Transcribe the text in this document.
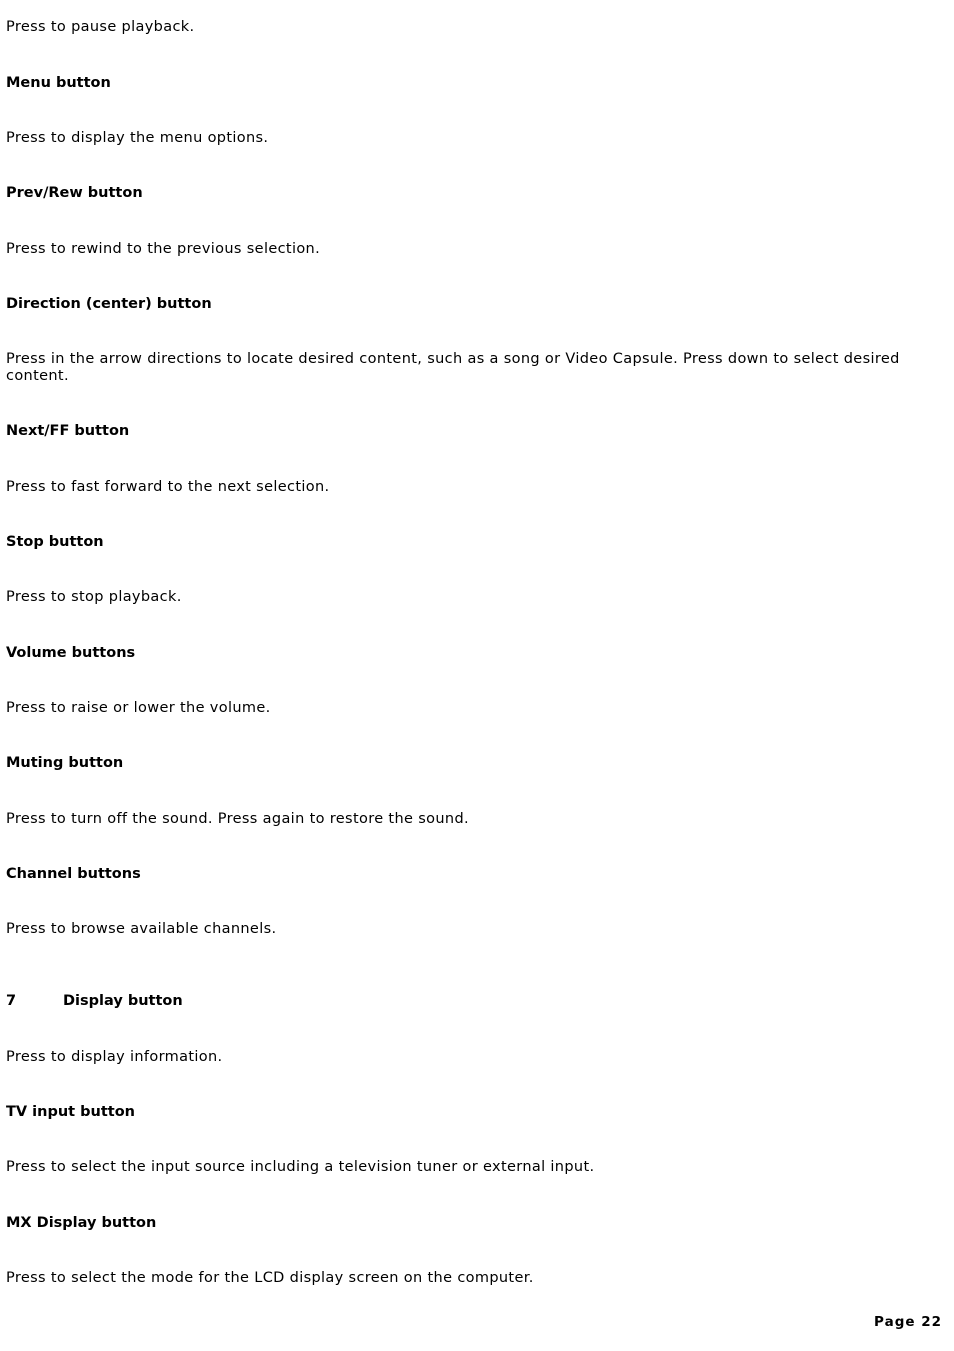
Press to pause playback.

Menu button

Press to display the menu options.

Prev/Rew button

Press to rewind to the previous selection.

Direction (center) button

Press in the arrow directions to locate desired content, such as a song or Video Capsule. Press down to select desired content.

Next/FF button

Press to fast forward to the next selection.

Stop button

Press to stop playback.

Volume buttons

Press to raise or lower the volume.

Muting button

Press to turn off the sound. Press again to restore the sound.

Channel buttons

Press to browse available channels.

7	Display button

Press to display information.

TV input button

Press to select the input source including a television tuner or external input.

MX Display button

Press to select the mode for the LCD display screen on the computer.

Page 22
